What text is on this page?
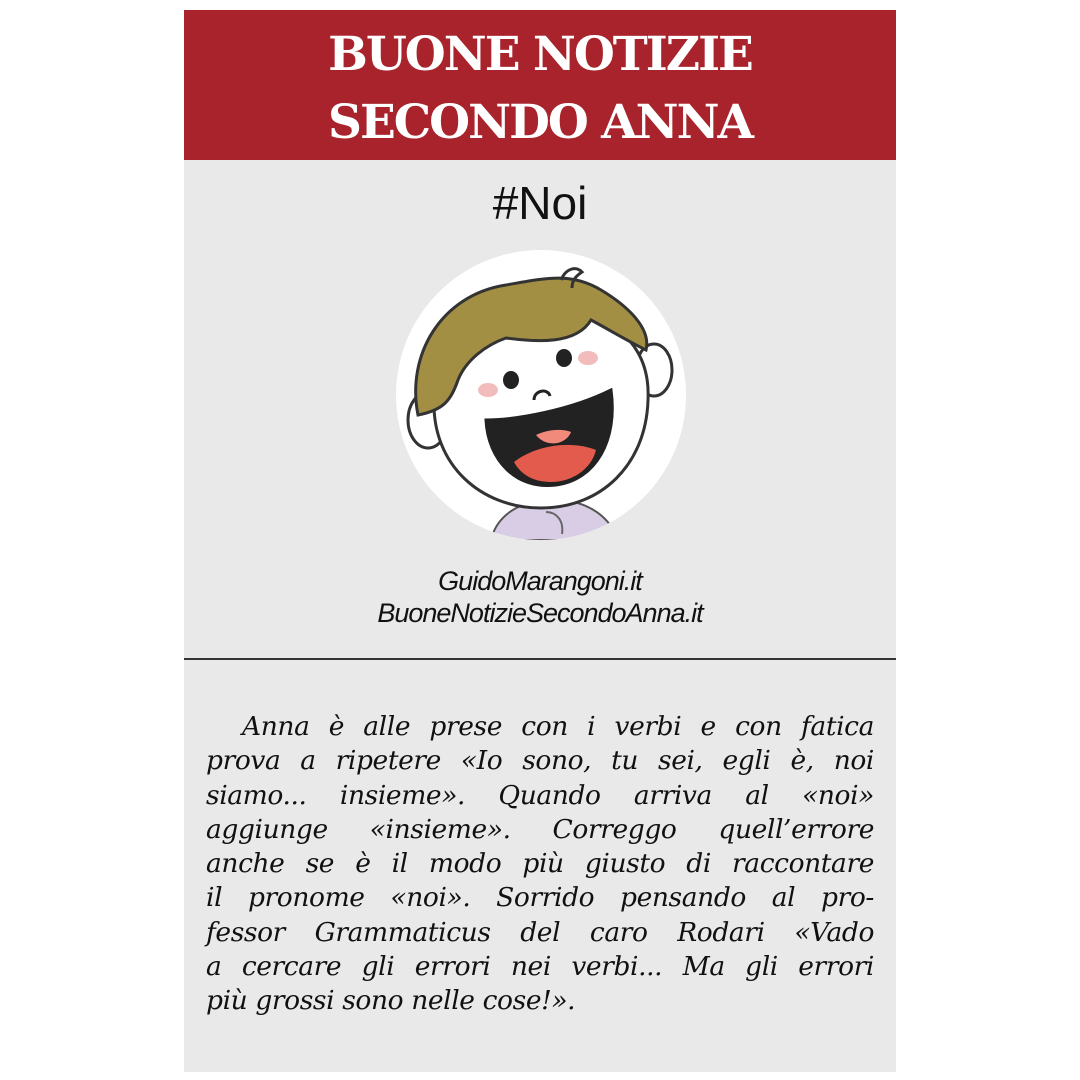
BUONE NOTIZIE
SECONDO ANNA
#Noi
GuidoMarangoni.it
BuoneNotizieSecondoAnna.it
Anna è alle prese con i verbi e con fatica
prova a ripetere «Io sono, tu sei, egli è, noi
siamo... insieme». Quando arriva al «noi»
aggiunge «insieme». Correggo quell’errore
anche se è il modo più giusto di raccontare
il pronome «noi». Sorrido pensando al pro-
fessor Grammaticus del caro Rodari «Vado
a cercare gli errori nei verbi... Ma gli errori
più grossi sono nelle cose!».
